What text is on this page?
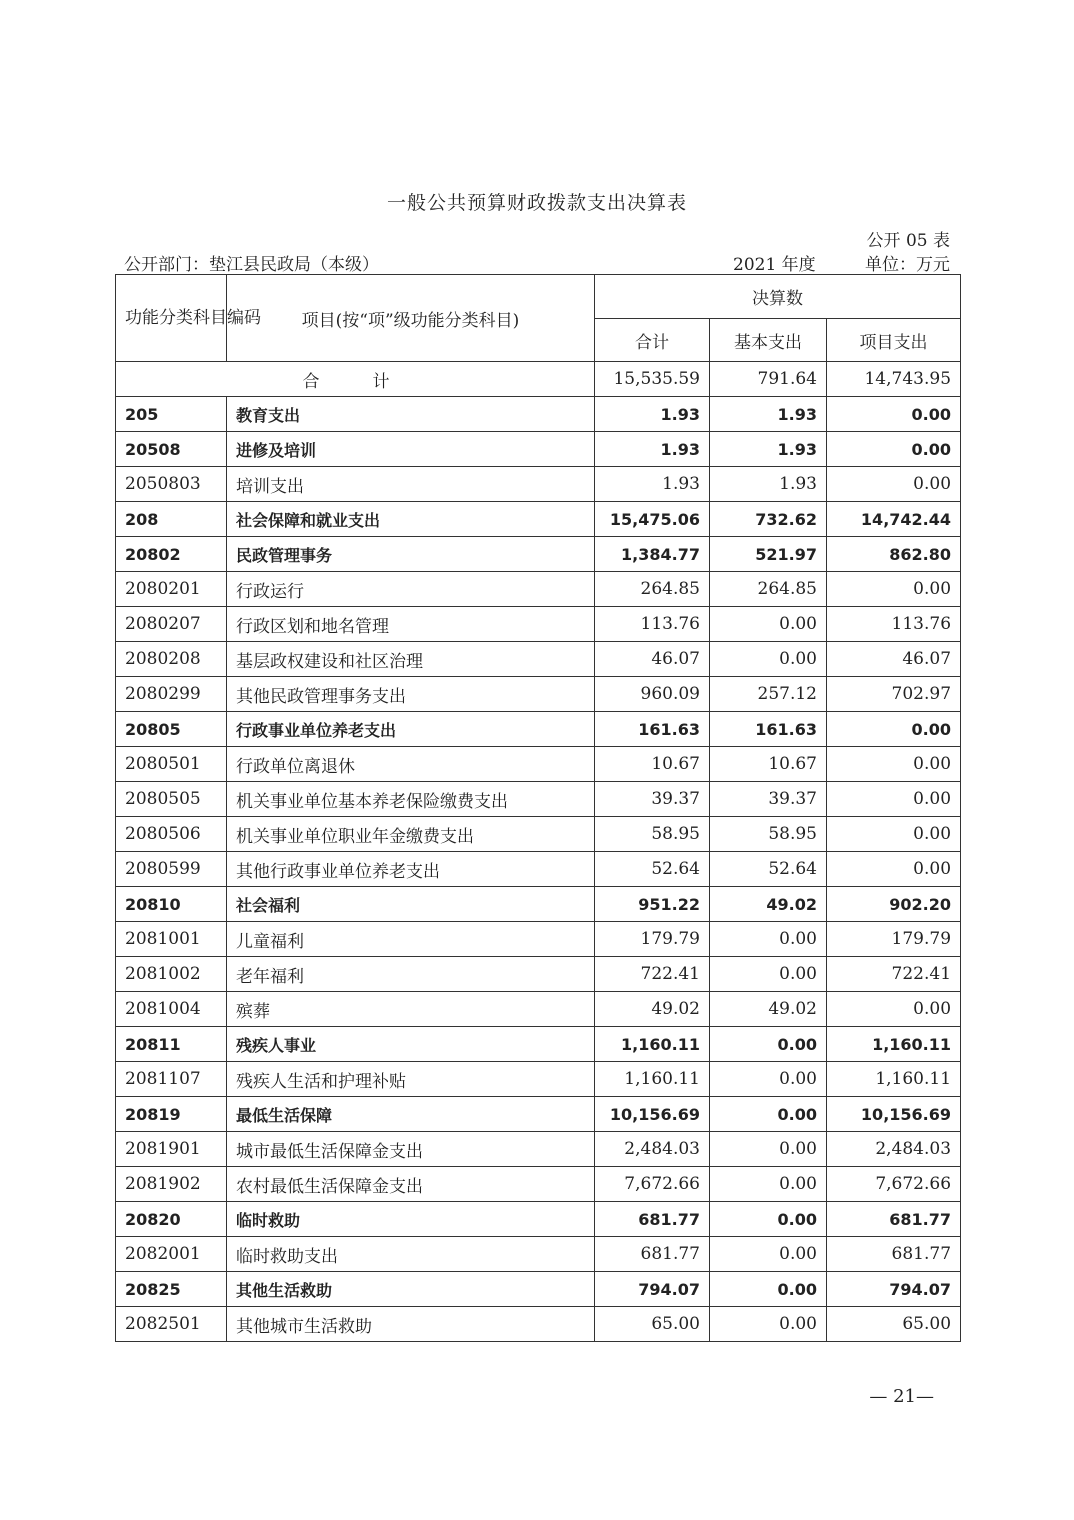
一般公共预算财政拨款支出决算表
公开 05 表
公开部门：垫江县民政局（本级）	2021 年度	单位：万元
功能分类科目编码	项目(按“项”级功能分类科目)	决算数		
		合计	基本支出	项目支出
合　计		15,535.59	791.64	14,743.95
205	教育支出	1.93	1.93	0.00
20508	进修及培训	1.93	1.93	0.00
2050803	培训支出	1.93	1.93	0.00
208	社会保障和就业支出	15,475.06	732.62	14,742.44
20802	民政管理事务	1,384.77	521.97	862.80
2080201	行政运行	264.85	264.85	0.00
2080207	行政区划和地名管理	113.76	0.00	113.76
2080208	基层政权建设和社区治理	46.07	0.00	46.07
2080299	其他民政管理事务支出	960.09	257.12	702.97
20805	行政事业单位养老支出	161.63	161.63	0.00
2080501	行政单位离退休	10.67	10.67	0.00
2080505	机关事业单位基本养老保险缴费支出	39.37	39.37	0.00
2080506	机关事业单位职业年金缴费支出	58.95	58.95	0.00
2080599	其他行政事业单位养老支出	52.64	52.64	0.00
20810	社会福利	951.22	49.02	902.20
2081001	儿童福利	179.79	0.00	179.79
2081002	老年福利	722.41	0.00	722.41
2081004	殡葬	49.02	49.02	0.00
20811	残疾人事业	1,160.11	0.00	1,160.11
2081107	残疾人生活和护理补贴	1,160.11	0.00	1,160.11
20819	最低生活保障	10,156.69	0.00	10,156.69
2081901	城市最低生活保障金支出	2,484.03	0.00	2,484.03
2081902	农村最低生活保障金支出	7,672.66	0.00	7,672.66
20820	临时救助	681.77	0.00	681.77
2082001	临时救助支出	681.77	0.00	681.77
20825	其他生活救助	794.07	0.00	794.07
2082501	其他城市生活救助	65.00	0.00	65.00
— 21—
